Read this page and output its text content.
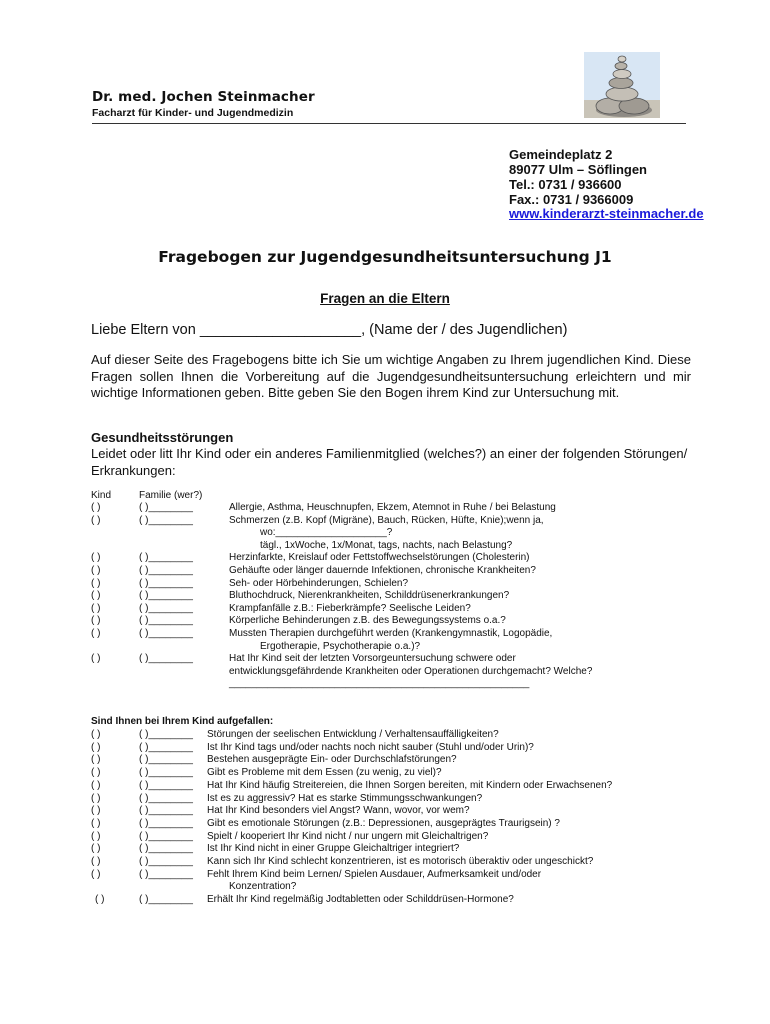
Dr. med. Jochen Steinmacher
Facharzt für Kinder- und Jugendmedizin
Gemeindeplatz 2
89077 Ulm – Söflingen
Tel.: 0731 / 936600
Fax.: 0731 / 9366009
www.kinderarzt-steinmacher.de
Fragebogen zur Jugendgesundheitsuntersuchung J1
Fragen an die Eltern
Liebe Eltern von ____________________, (Name der / des Jugendlichen)
Auf dieser Seite des Fragebogens bitte ich Sie um wichtige Angaben zu Ihrem jugendlichen Kind. Diese Fragen sollen Ihnen die Vorbereitung auf die Jugendgesundheitsuntersuchung erleichtern und mir wichtige Informationen geben. Bitte geben Sie den Bogen ihrem Kind zur Untersuchung mit.
Gesundheitsstörungen
Leidet oder litt Ihr Kind oder ein anderes Familienmitglied (welches?) an einer der folgenden Störungen/ Erkrankungen:
Kind	Familie (wer?)
( )	( )________	Allergie, Asthma, Heuschnupfen, Ekzem, Atemnot in Ruhe / bei Belastung
( )	( )________	Schmerzen (z.B. Kopf (Migräne), Bauch, Rücken, Hüfte, Knie);wenn ja,
wo:____________________?
tägl., 1xWoche, 1x/Monat, tags, nachts, nach Belastung?
( )	( )________	Herzinfarkte, Kreislauf oder Fettstoffwechselstörungen (Cholesterin)
( )	( )________	Gehäufte oder länger dauernde Infektionen, chronische Krankheiten?
( )	( )________	Seh- oder Hörbehinderungen, Schielen?
( )	( )________	Bluthochdruck, Nierenkrankheiten, Schilddrüsenerkrankungen?
( )	( )________	Krampfanfälle z.B.: Fieberkrämpfe? Seelische Leiden?
( )	( )________	Körperliche Behinderungen z.B. des Bewegungssystems o.a.?
( )	( )________	Mussten Therapien durchgeführt werden (Krankengymnastik, Logopädie,
Ergotherapie, Psychotherapie o.a.)?
( )	( )________	Hat Ihr Kind seit der letzten Vorsorgeuntersuchung schwere oder
entwicklungsgefährdende Krankheiten oder Operationen durchgemacht? Welche?
______________________________________________________
Sind Ihnen bei Ihrem Kind aufgefallen:
( )	( )________ Störungen der seelischen Entwicklung / Verhaltensauffälligkeiten?
( )	( )________ Ist Ihr Kind tags und/oder nachts noch nicht sauber (Stuhl und/oder Urin)?
( )	( )________ Bestehen ausgeprägte Ein- oder Durchschlafstörungen?
( )	( )________ Gibt es Probleme mit dem Essen (zu wenig, zu viel)?
( )	( )________ Hat Ihr Kind häufig Streitereien, die Ihnen Sorgen bereiten, mit Kindern oder Erwachsenen?
( )	( )________ Ist es zu aggressiv? Hat es starke Stimmungsschwankungen?
( )	( )________ Hat Ihr Kind besonders viel Angst? Wann, wovor, vor wem?
( )	( )________ Gibt es emotionale Störungen (z.B.: Depressionen, ausgeprägtes Traurigsein) ?
( )	( )________ Spielt / kooperiert Ihr Kind nicht / nur ungern mit Gleichaltrigen?
( )	( )________ Ist Ihr Kind nicht in einer Gruppe Gleichaltriger integriert?
( )	( )________ Kann sich Ihr Kind schlecht konzentrieren, ist es motorisch überaktiv oder ungeschickt?
( )	( )________ Fehlt Ihrem Kind beim Lernen/ Spielen Ausdauer, Aufmerksamkeit und/oder
Konzentration?
( )	( )________ Erhält Ihr Kind regelmäßig Jodtabletten oder Schilddrüsen-Hormone?
